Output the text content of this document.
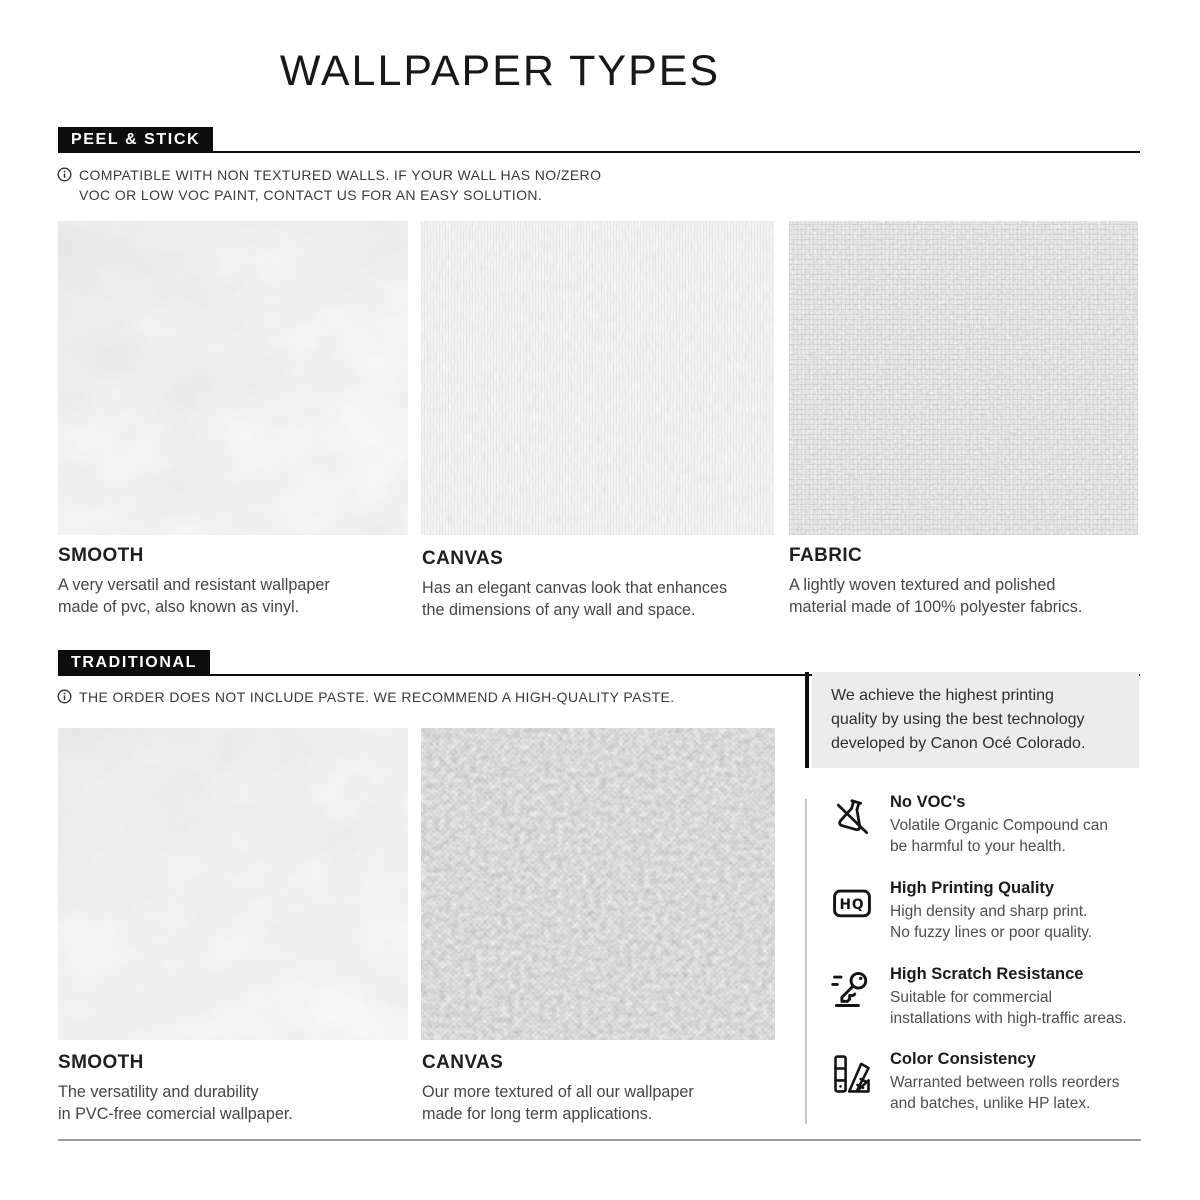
WALLPAPER TYPES
PEEL & STICK
COMPATIBLE WITH NON TEXTURED WALLS. IF YOUR WALL HAS NO/ZERO
VOC OR LOW VOC PAINT, CONTACT US FOR AN EASY SOLUTION.
SMOOTH

A very versatil and resistant wallpaper
made of pvc, also known as vinyl.

CANVAS

Has an elegant canvas look that enhances
the dimensions of any wall and space.

FABRIC

A lightly woven textured and polished
material made of 100% polyester fabrics.

TRADITIONAL
THE ORDER DOES NOT INCLUDE PASTE. WE RECOMMEND A HIGH-QUALITY PASTE.
SMOOTH

The versatility and durability
in PVC-free comercial wallpaper.

CANVAS

Our more textured of all our wallpaper
made for long term applications.

We achieve the highest printing
quality by using the best technology
developed by Canon Océ Colorado.
No VOC's

Volatile Organic Compound can
be harmful to your health.

HQ
High Printing Quality

High density and sharp print.
No fuzzy lines or poor quality.

High Scratch Resistance

Suitable for commercial
installations with high-traffic areas.

Color Consistency

Warranted between rolls reorders
and batches, unlike HP latex.
